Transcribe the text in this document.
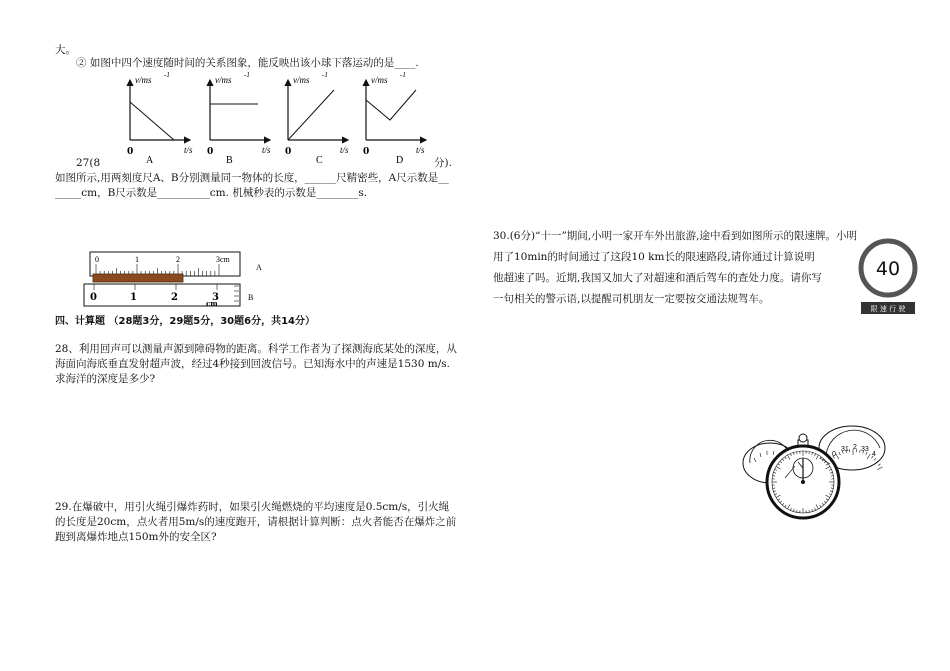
大。
② 如图中四个速度随时间的关系图象，能反映出该小球下落运动的是____.
v/ms -1
t/s
0
A
v/ms -1
t/s
0
B
v/ms -1
t/s
0
C
v/ms -1
t/s
0
D
27(8	分).
如图所示,用两刻度尺A、B分别测量同一物体的长度，______尺精密些，A尺示数是__
_____cm，B尺示数是__________cm. 机械秒表的示数是________s.
0	1	2	3cm
A
0	1	2	3
cm
B
四、计算题 （28题3分，29题5分，30题6分，共14分）
28、利用回声可以测量声源到障碍物的距离。科学工作者为了探测海底某处的深度，从
海面向海底垂直发射超声波，经过4秒接到回波信号。已知海水中的声速是1530 m/s.
求海洋的深度是多少?
29.在爆破中，用引火绳引爆炸药时，如果引火绳燃烧的平均速度是0.5cm/s，引火绳
的长度是20cm，点火者用5m/s的速度跑开，请根据计算判断：点火者能否在爆炸之前
跑到离爆炸地点150m外的安全区?
30.(6分)“十一”期间,小明一家开车外出旅游,途中看到如图所示的限速牌。小明
用了10min的时间通过了这段10 km长的限速路段,请你通过计算说明
他超速了吗。近期,我国又加大了对超速和酒后驾车的查处力度。请你写
一句相关的警示语,以提醒司机朋友一定要按交通法规驾车。
40
限 速 行 驶
0
31 2 33
4
